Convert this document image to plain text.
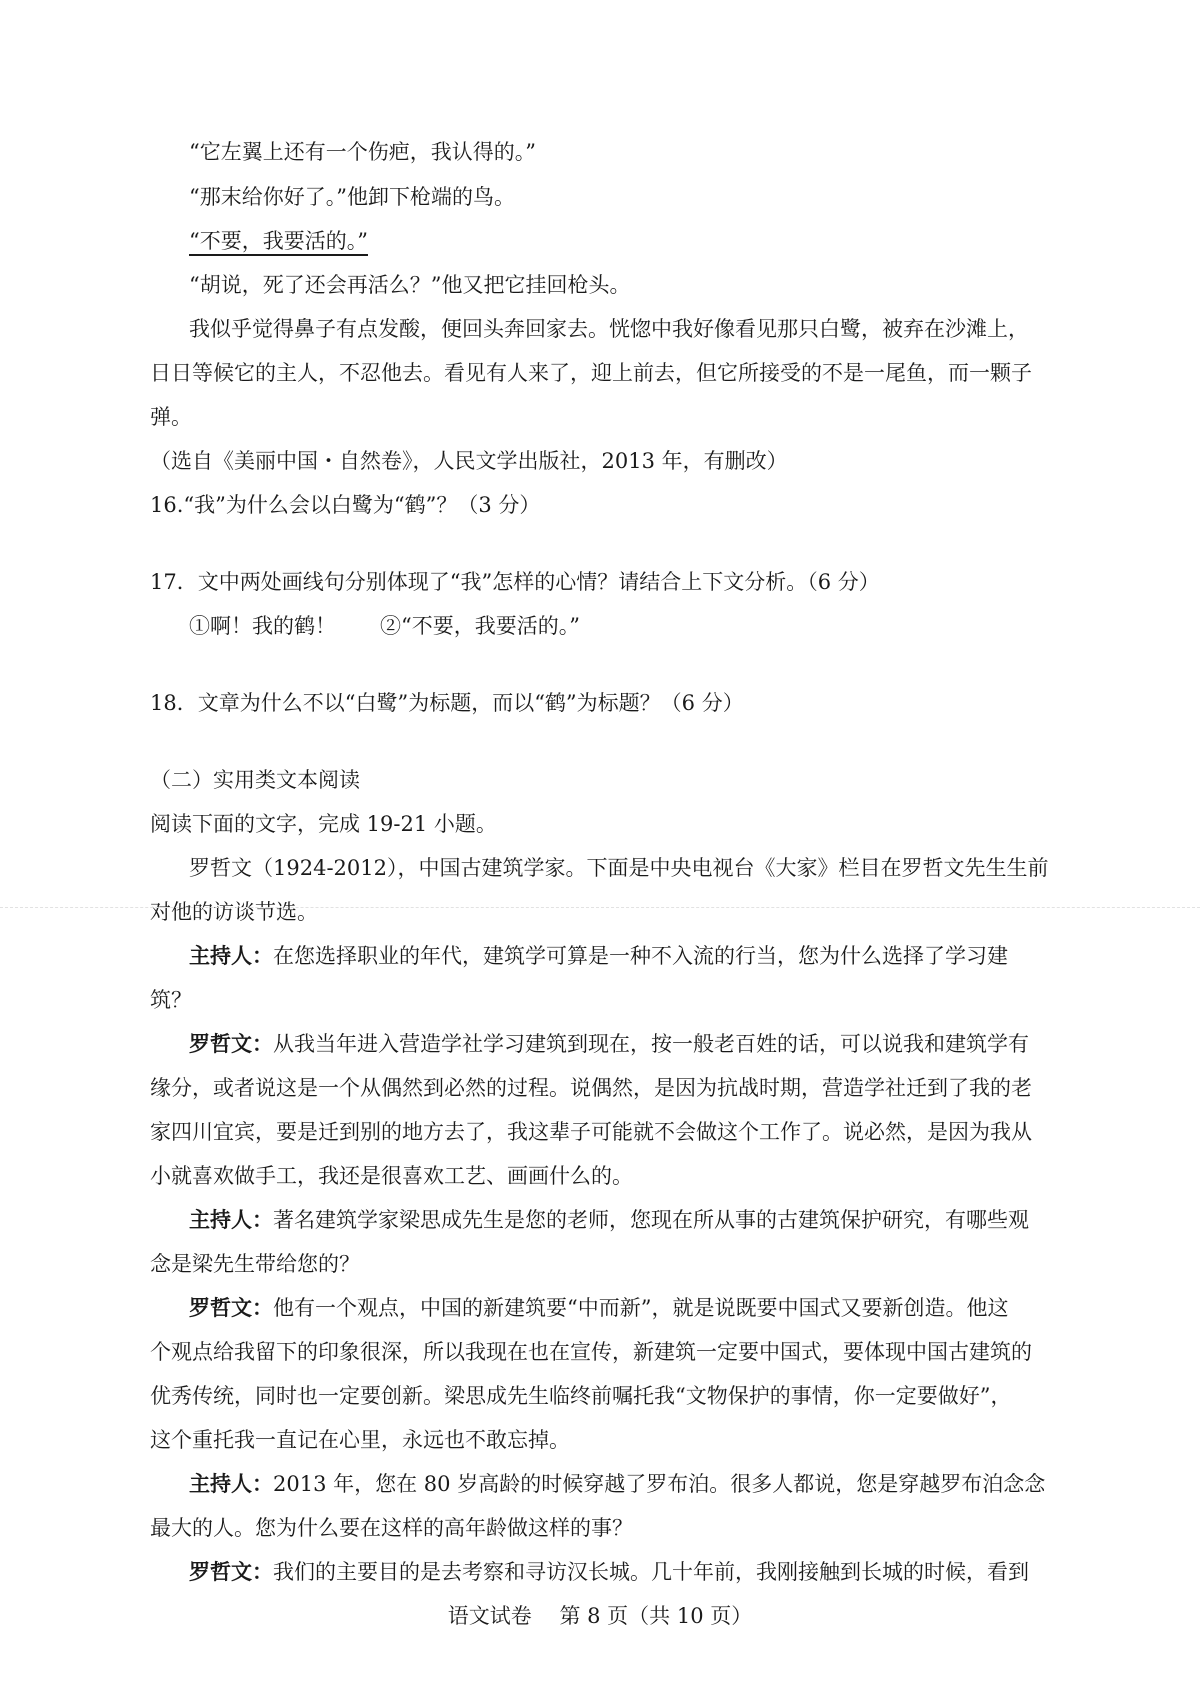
“它左翼上还有一个伤疤，我认得的。”
“那末给你好了。”他卸下枪端的鸟。
“不要，我要活的。”
“胡说，死了还会再活么？”他又把它挂回枪头。
我似乎觉得鼻子有点发酸，便回头奔回家去。恍惚中我好像看见那只白鹭，被弃在沙滩上，
日日等候它的主人，不忍他去。看见有人来了，迎上前去，但它所接受的不是一尾鱼，而一颗子
弹。
（选自《美丽中国・自然卷》，人民文学出版社，2013 年，有删改）
16.“我”为什么会以白鹭为“鹤”？（3 分）
17．文中两处画线句分别体现了“我”怎样的心情？请结合上下文分析。（6 分）
①啊！我的鹤！ ②“不要，我要活的。”
18．文章为什么不以“白鹭”为标题，而以“鹤”为标题？（6 分）
（二）实用类文本阅读
阅读下面的文字，完成 19-21 小题。
罗哲文（1924-2012），中国古建筑学家。下面是中央电视台《大家》栏目在罗哲文先生生前
对他的访谈节选。
主持人：在您选择职业的年代，建筑学可算是一种不入流的行当，您为什么选择了学习建
筑？
罗哲文：从我当年进入营造学社学习建筑到现在，按一般老百姓的话，可以说我和建筑学有
缘分，或者说这是一个从偶然到必然的过程。说偶然，是因为抗战时期，营造学社迁到了我的老
家四川宜宾，要是迁到别的地方去了，我这辈子可能就不会做这个工作了。说必然，是因为我从
小就喜欢做手工，我还是很喜欢工艺、画画什么的。
主持人：著名建筑学家梁思成先生是您的老师，您现在所从事的古建筑保护研究，有哪些观
念是梁先生带给您的？
罗哲文：他有一个观点，中国的新建筑要“中而新”，就是说既要中国式又要新创造。他这
个观点给我留下的印象很深，所以我现在也在宣传，新建筑一定要中国式，要体现中国古建筑的
优秀传统，同时也一定要创新。梁思成先生临终前嘱托我“文物保护的事情，你一定要做好”，
这个重托我一直记在心里，永远也不敢忘掉。
主持人：2013 年，您在 80 岁高龄的时候穿越了罗布泊。很多人都说，您是穿越罗布泊念念
最大的人。您为什么要在这样的高年龄做这样的事？
罗哲文：我们的主要目的是去考察和寻访汉长城。几十年前，我刚接触到长城的时候，看到
语文试卷　 第 8 页（共 10 页）
